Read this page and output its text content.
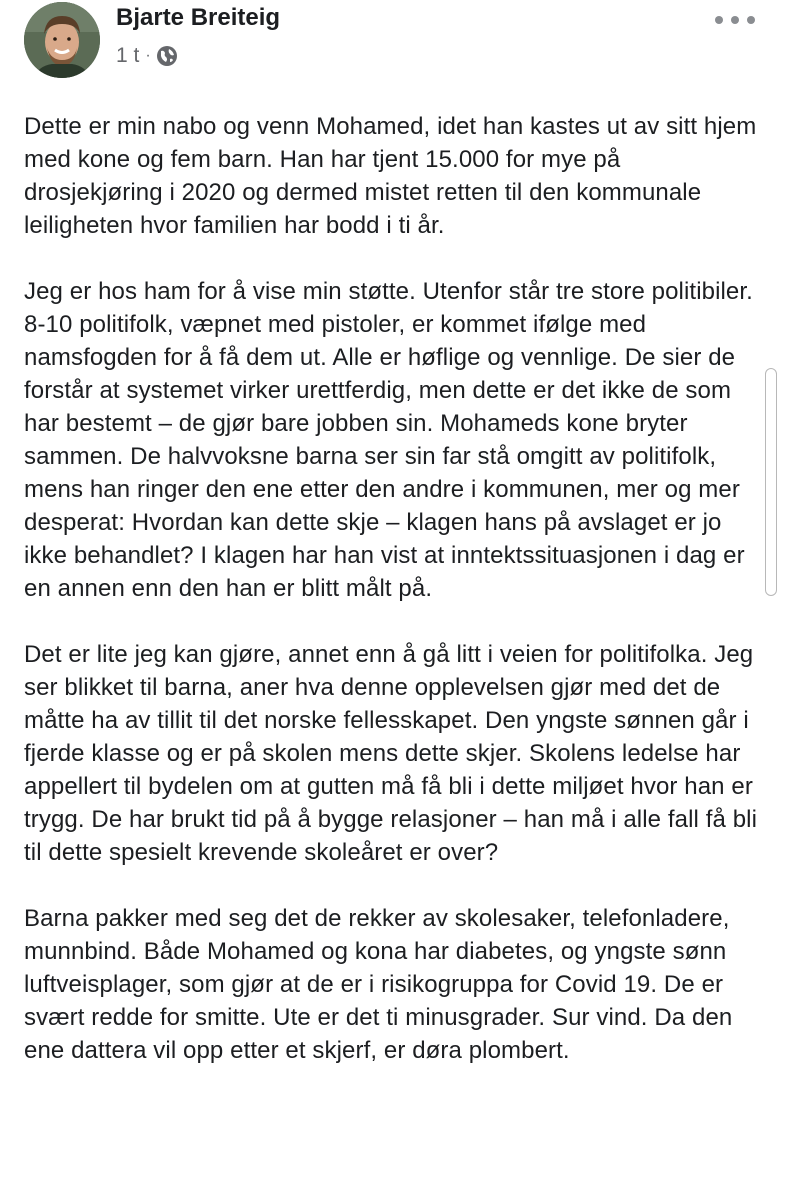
Bjarte Breiteig
1 t ·

Dette er min nabo og venn Mohamed, idet han kastes ut av sitt hjem med kone og fem barn. Han har tjent 15.000 for mye på drosjekjøring i 2020 og dermed mistet retten til den kommunale leiligheten hvor familien har bodd i ti år.

Jeg er hos ham for å vise min støtte. Utenfor står tre store politibiler. 8-10 politifolk, væpnet med pistoler, er kommet ifølge med namsfogden for å få dem ut. Alle er høflige og vennlige. De sier de forstår at systemet virker urettferdig, men dette er det ikke de som har bestemt – de gjør bare jobben sin. Mohameds kone bryter sammen. De halvvoksne barna ser sin far stå omgitt av politifolk, mens han ringer den ene etter den andre i kommunen, mer og mer desperat: Hvordan kan dette skje – klagen hans på avslaget er jo ikke behandlet? I klagen har han vist at inntektssituasjonen i dag er en annen enn den han er blitt målt på.

Det er lite jeg kan gjøre, annet enn å gå litt i veien for politifolka. Jeg ser blikket til barna, aner hva denne opplevelsen gjør med det de måtte ha av tillit til det norske fellesskapet. Den yngste sønnen går i fjerde klasse og er på skolen mens dette skjer. Skolens ledelse har appellert til bydelen om at gutten må få bli i dette miljøet hvor han er trygg. De har brukt tid på å bygge relasjoner – han må i alle fall få bli til dette spesielt krevende skoleåret er over?

Barna pakker med seg det de rekker av skolesaker, telefonladere, munnbind. Både Mohamed og kona har diabetes, og yngste sønn luftveisplager, som gjør at de er i risikogruppa for Covid 19. De er svært redde for smitte. Ute er det ti minusgrader. Sur vind. Da den ene dattera vil opp etter et skjerf, er døra plombert.
